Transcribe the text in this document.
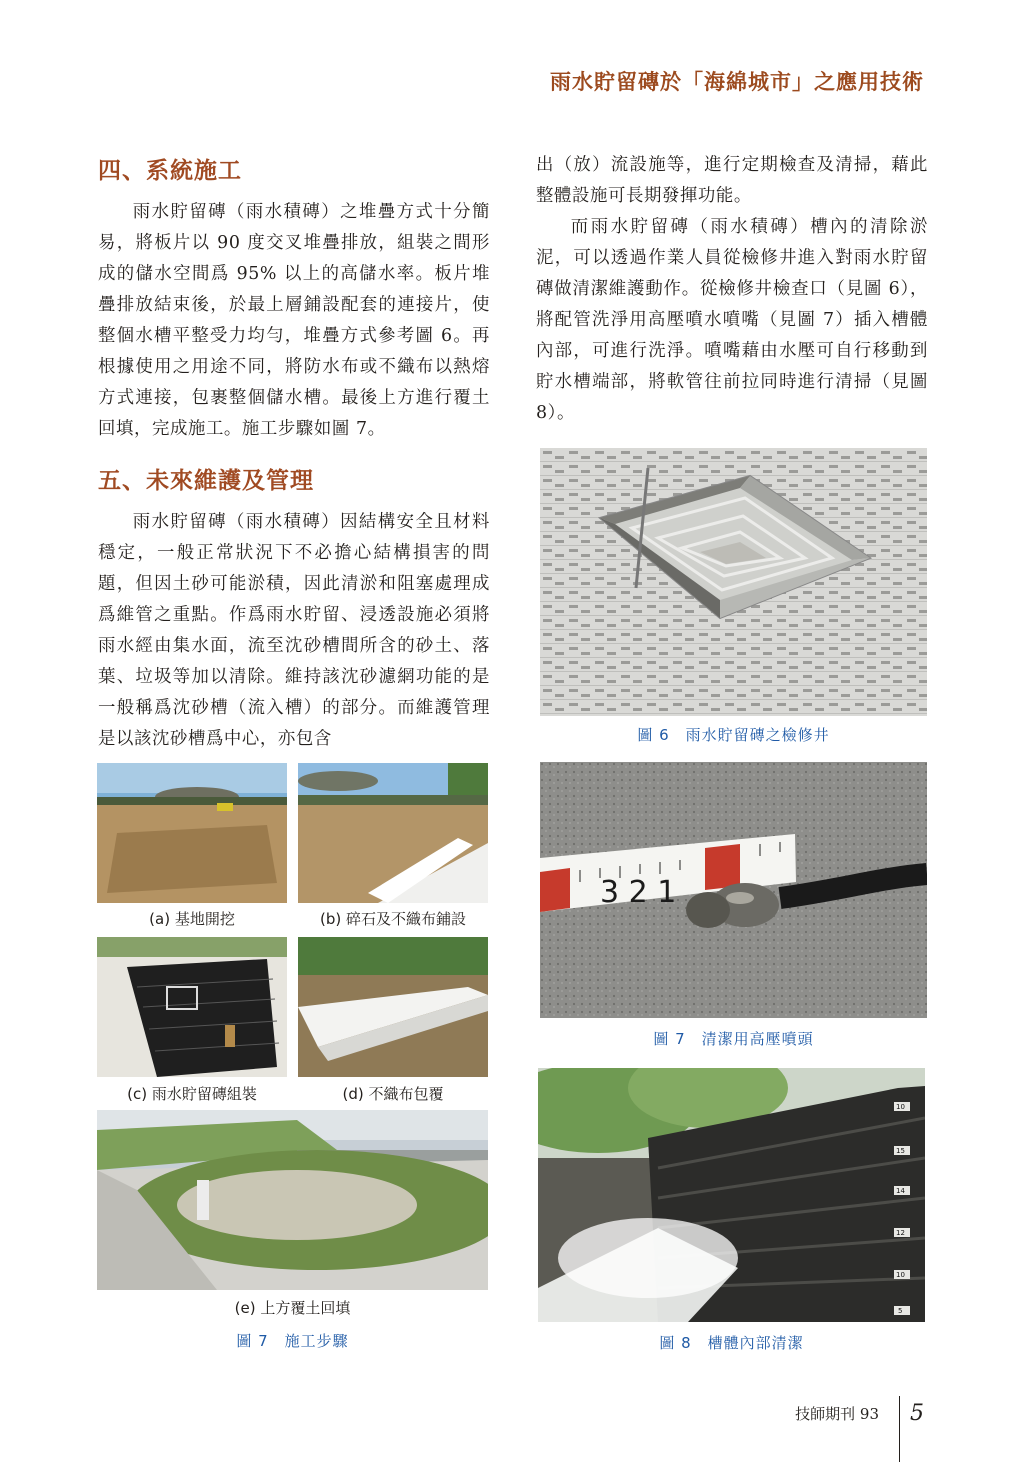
雨水貯留磚於「海綿城市」之應用技術
四、系統施工

雨水貯留磚（雨水積磚）之堆疊方式十分簡易，將板片以 90 度交叉堆疊排放，組裝之間形成的儲水空間爲 95% 以上的高儲水率。板片堆疊排放結束後，於最上層鋪設配套的連接片，使整個水槽平整受力均勻，堆疊方式參考圖 6。再根據使用之用途不同，將防水布或不織布以熱熔方式連接，包裹整個儲水槽。最後上方進行覆土回填，完成施工。施工步驟如圖 7。

五、未來維護及管理

雨水貯留磚（雨水積磚）因結構安全且材料穩定，一般正常狀況下不必擔心結構損害的問題，但因土砂可能淤積，因此清淤和阻塞處理成爲維管之重點。作爲雨水貯留、浸透設施必須將雨水經由集水面，流至沈砂槽間所含的砂土、落葉、垃圾等加以清除。維持該沈砂濾網功能的是一般稱爲沈砂槽（流入槽）的部分。而維護管理是以該沈砂槽爲中心，亦包含

出（放）流設施等，進行定期檢查及清掃，藉此整體設施可長期發揮功能。

而雨水貯留磚（雨水積磚）槽內的清除淤泥，可以透過作業人員從檢修井進入對雨水貯留磚做清潔維護動作。從檢修井檢查口（見圖 6），將配管洗淨用高壓噴水噴嘴（見圖 7）插入槽體內部，可進行洗淨。噴嘴藉由水壓可自行移動到貯水槽端部，將軟管往前拉同時進行清掃（見圖 8）。

圖 6　雨水貯留磚之檢修井
3 2 1
圖 7　清潔用高壓噴頭
10
15
14
12
10
5
圖 8　槽體內部清潔
(a) 基地開挖	(b) 碎石及不織布鋪設
(c) 雨水貯留磚組裝	(d) 不織布包覆
(e) 上方覆土回填
圖 7　施工步驟
技師期刊 93 5
